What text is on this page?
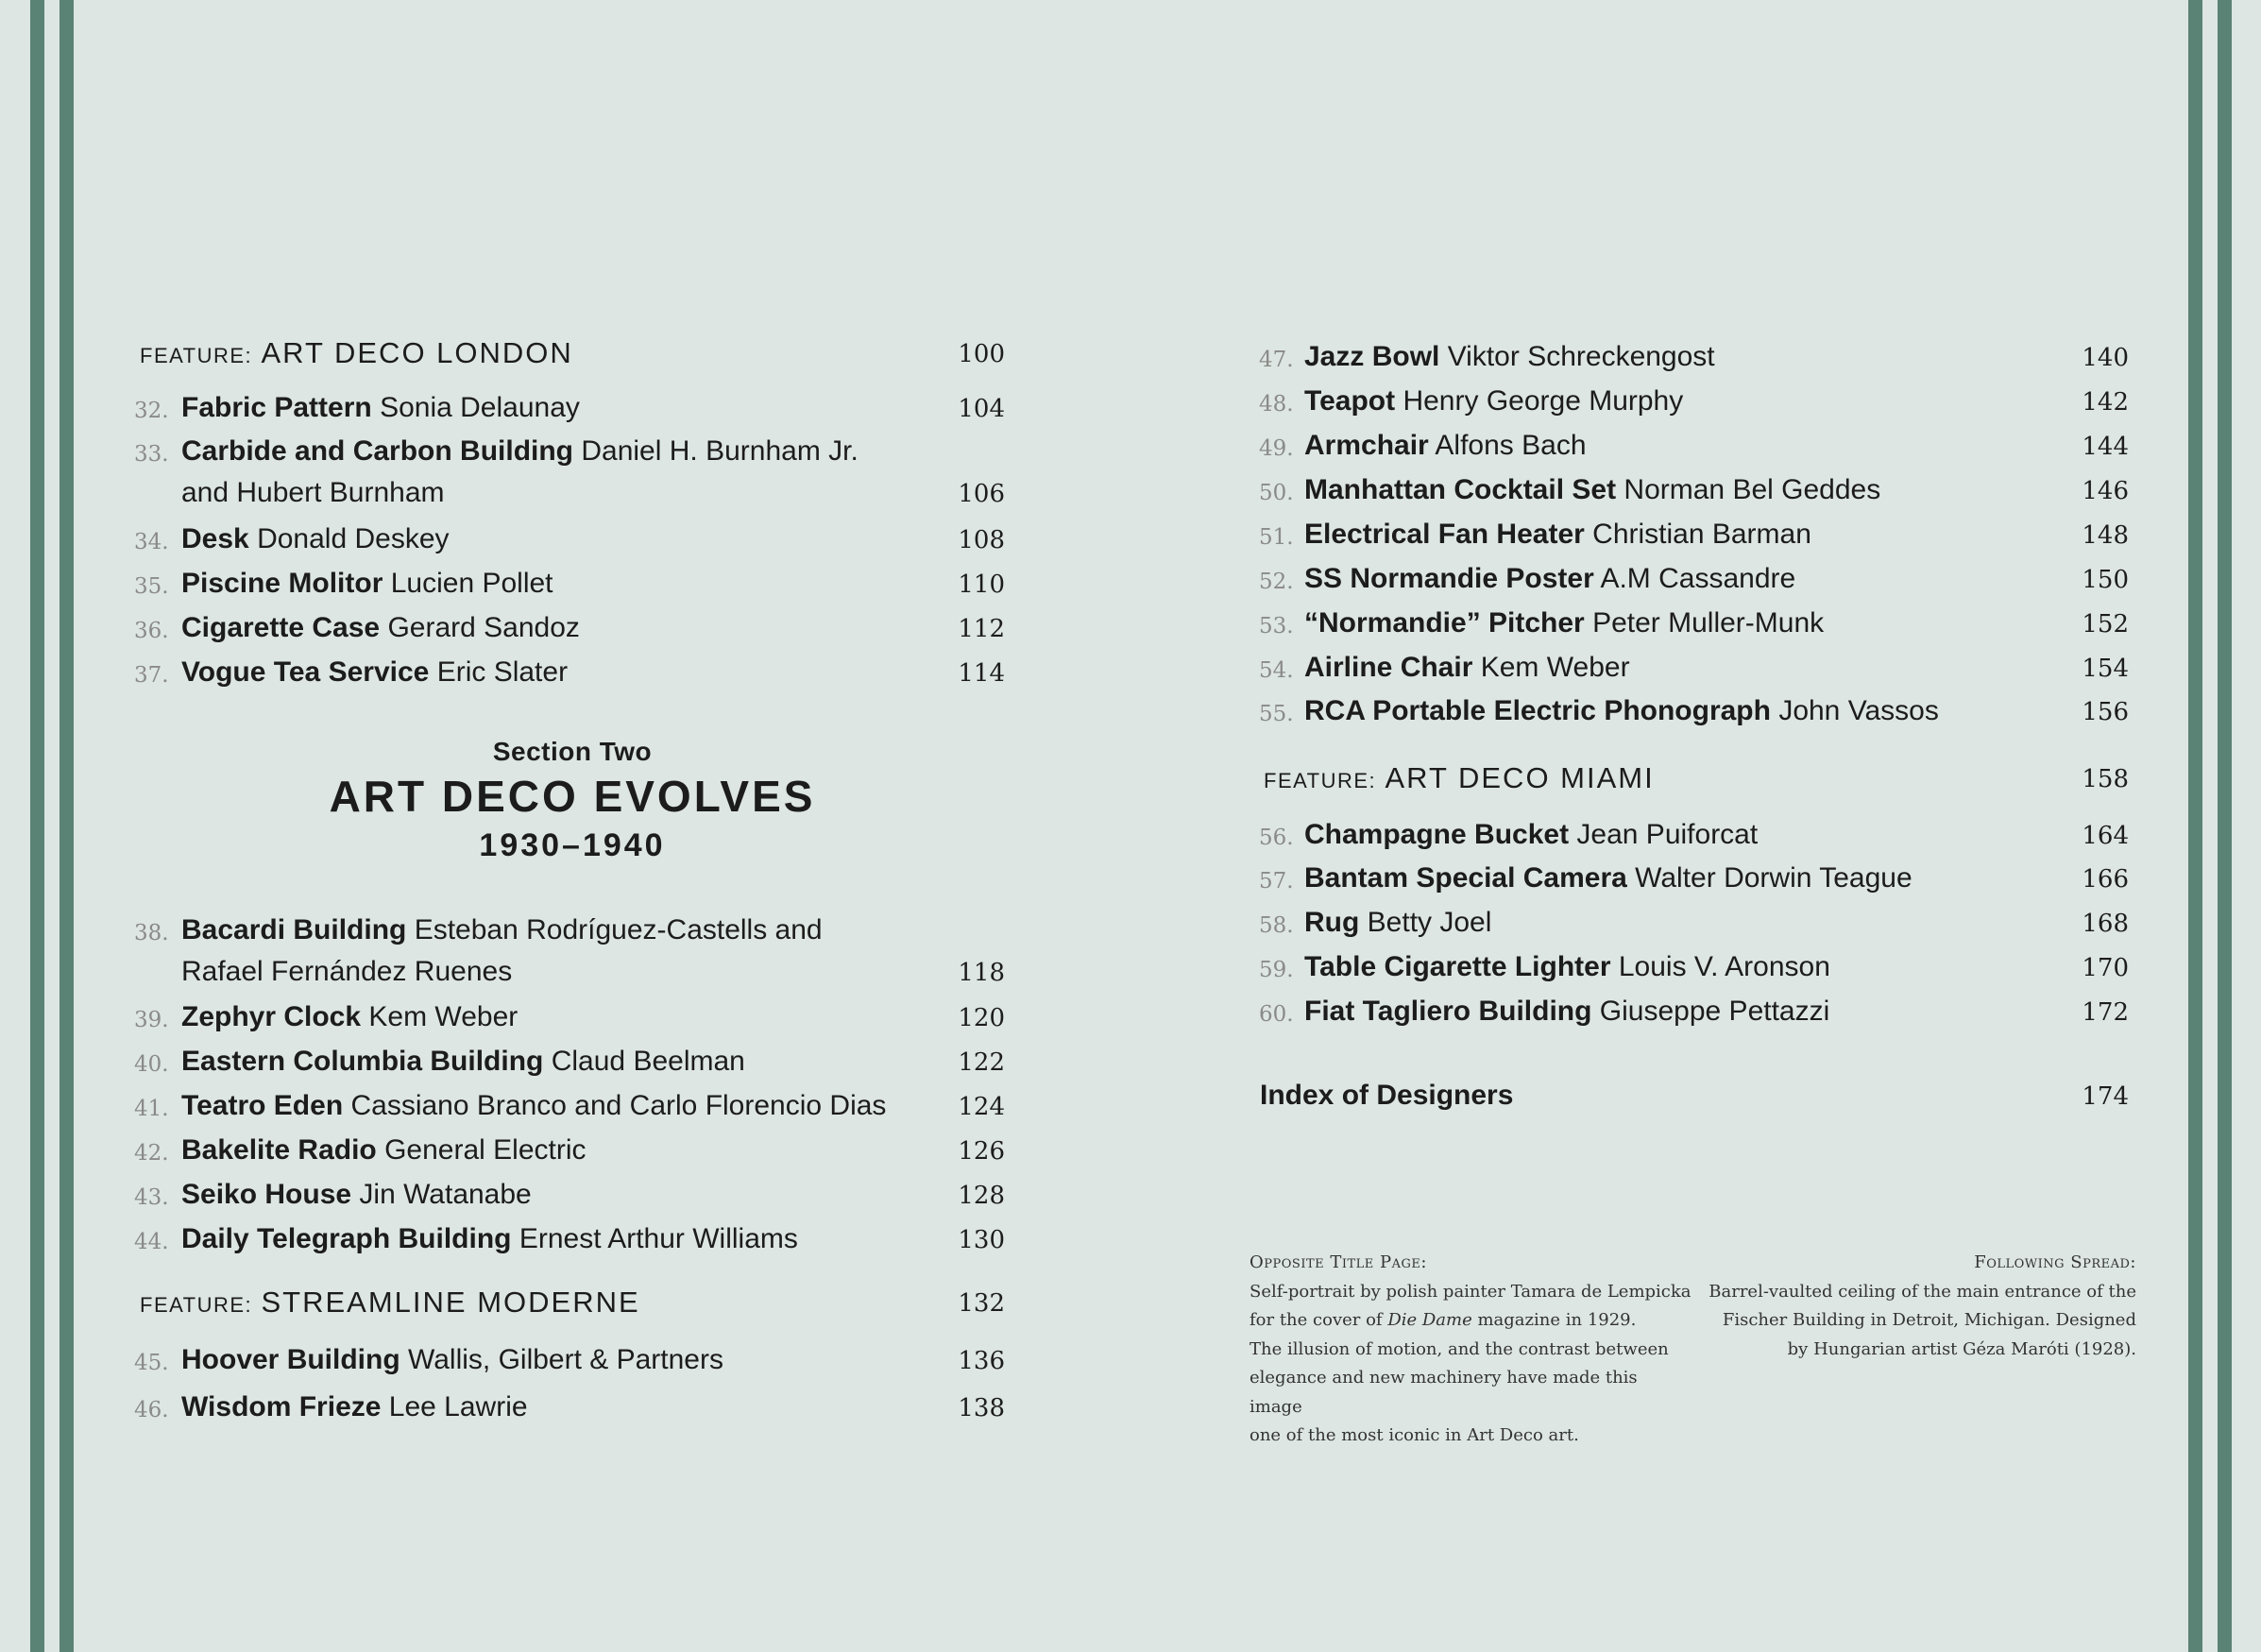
FEATURE: ART DECO LONDON	100
32. Fabric Pattern Sonia Delaunay	104
33. Carbide and Carbon Building Daniel H. Burnham Jr.
and Hubert Burnham	106
34. Desk Donald Deskey	108
35. Piscine Molitor Lucien Pollet	110
36. Cigarette Case Gerard Sandoz	112
37. Vogue Tea Service Eric Slater	114
Section Two
ART DECO EVOLVES
1930–1940
38. Bacardi Building Esteban Rodríguez-Castells and
Rafael Fernández Ruenes	118
39. Zephyr Clock Kem Weber	120
40. Eastern Columbia Building Claud Beelman	122
41. Teatro Eden Cassiano Branco and Carlo Florencio Dias	124
42. Bakelite Radio General Electric	126
43. Seiko House Jin Watanabe	128
44. Daily Telegraph Building Ernest Arthur Williams	130
FEATURE: STREAMLINE MODERNE	132
45. Hoover Building Wallis, Gilbert & Partners	136
46. Wisdom Frieze Lee Lawrie	138
47. Jazz Bowl Viktor Schreckengost	140
48. Teapot Henry George Murphy	142
49. Armchair Alfons Bach	144
50. Manhattan Cocktail Set Norman Bel Geddes	146
51. Electrical Fan Heater Christian Barman	148
52. SS Normandie Poster A.M Cassandre	150
53. “Normandie” Pitcher Peter Muller-Munk	152
54. Airline Chair Kem Weber	154
55. RCA Portable Electric Phonograph John Vassos	156
FEATURE: ART DECO MIAMI	158
56. Champagne Bucket Jean Puiforcat	164
57. Bantam Special Camera Walter Dorwin Teague	166
58. Rug Betty Joel	168
59. Table Cigarette Lighter Louis V. Aronson	170
60. Fiat Tagliero Building Giuseppe Pettazzi	172
Index of Designers	174
Opposite Title Page:
Self-portrait by polish painter Tamara de Lempicka
for the cover of Die Dame magazine in 1929.
The illusion of motion, and the contrast between
elegance and new machinery have made this image
one of the most iconic in Art Deco art.
Following Spread:
Barrel-vaulted ceiling of the main entrance of the
Fischer Building in Detroit, Michigan. Designed
by Hungarian artist Géza Maróti (1928).
